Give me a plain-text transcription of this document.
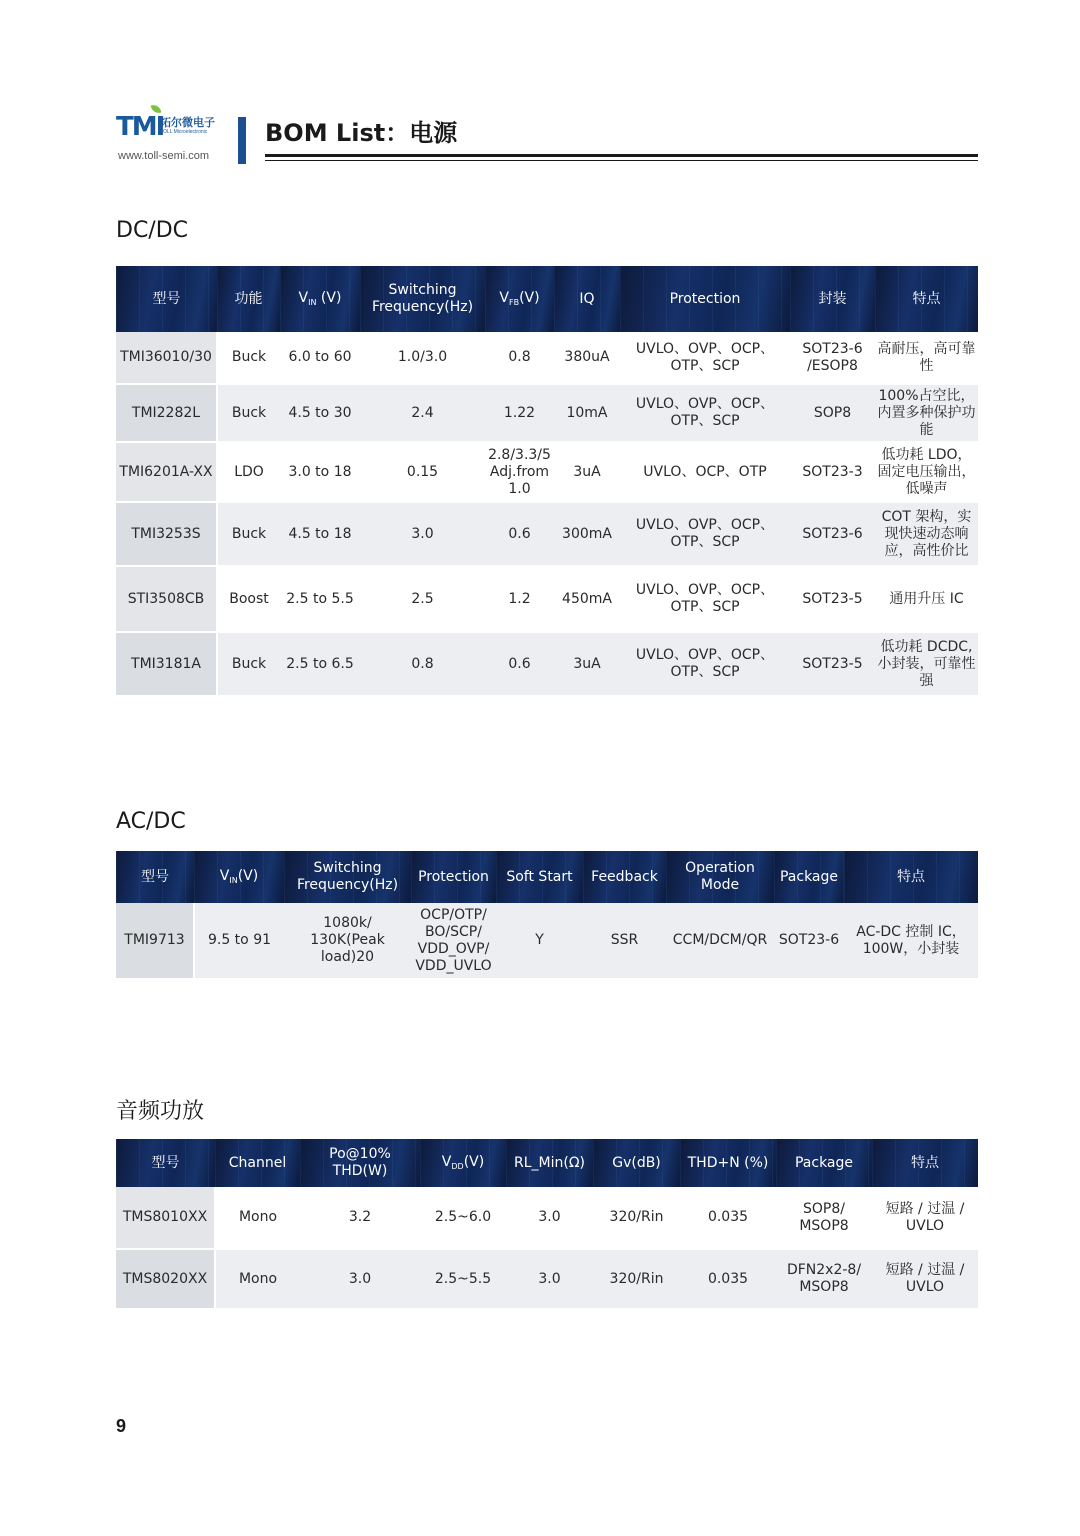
TMI
拓尔微电子
TOLL Microelectronic
www.toll-semi.com
BOM List：电源
DC/DC
型号	功能	$V_{IN}$ (V)	Switching Frequency(Hz)	$V_{FB}(V)$	IQ	Protection	封装	特点
TMI36010/30	Buck	6.0 to 60	1.0/3.0	0.8	380uA	UVLO、OVP、OCP、OTP、SCP	SOT23-6 /ESOP8	高耐压，高可靠性
TMI2282L	Buck	4.5 to 30	2.4	1.22	10mA	UVLO、OVP、OCP、OTP、SCP	SOP8	100%占空比，内置多种保护功能
TMI6201A-XX	LDO	3.0 to 18	0.15	2.8/3.3/5 Adj.from 1.0	3uA	UVLO、OCP、OTP	SOT23-3	低功耗 LDO，固定电压输出，低噪声
TMI3253S	Buck	4.5 to 18	3.0	0.6	300mA	UVLO、OVP、OCP、OTP、SCP	SOT23-6	COT 架构，实现快速动态响应，高性价比
STI3508CB	Boost	2.5 to 5.5	2.5	1.2	450mA	UVLO、OVP、OCP、OTP、SCP	SOT23-5	通用升压 IC
TMI3181A	Buck	2.5 to 6.5	0.8	0.6	3uA	UVLO、OVP、OCP、OTP、SCP	SOT23-5	低功耗 DCDC,小封装，可靠性强
AC/DC
型号	$V_{IN}(V)$	Switching Frequency(Hz)	Protection	Soft Start	Feedback	Operation Mode	Package	特点
TMI9713	9.5 to 91	1080k/ 130K(Peak load)20	OCP/OTP/ BO/SCP/ VDD_OVP/ VDD_UVLO	Y	SSR	CCM/DCM/QR	SOT23-6	AC-DC 控制 IC，100W，小封装
音频功放
型号	Channel	Po@10% THD(W)	$V_{DD}(V)$	RL_Min(Ω)	Gv(dB)	THD+N (%)	Package	特点
TMS8010XX	Mono	3.2	2.5~6.0	3.0	320/Rin	0.035	SOP8/ MSOP8	短路 / 过温 / UVLO
TMS8020XX	Mono	3.0	2.5~5.5	3.0	320/Rin	0.035	DFN2x2-8/ MSOP8	短路 / 过温 / UVLO
9
